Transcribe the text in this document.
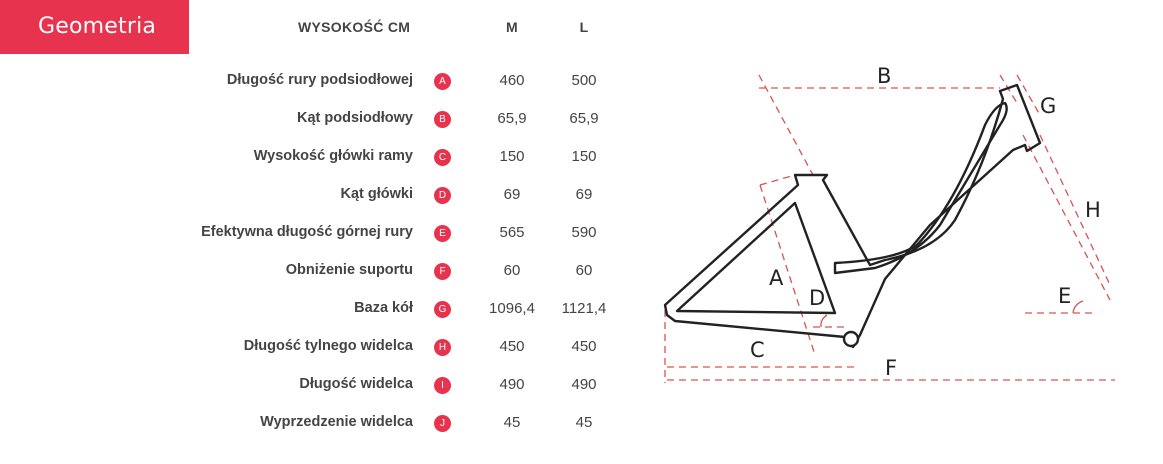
Geometria	WYSOKOŚĆ CM	M	L
Długość rury podsiodłowej	A	460	500
Kąt podsiodłowy	B	65,9	65,9
Wysokość główki ramy	C	150	150
Kąt główki	D	69	69
Efektywna długość górnej rury	E	565	590
Obniżenie suportu	F	60	60
Baza kół	G	1096,4	1121,4
Długość tylnego widelca	H	450	450
Długość widelca	I	490	490
Wyprzedzenie widelca	J	45	45
B
G
H
A
D	E
C
F
